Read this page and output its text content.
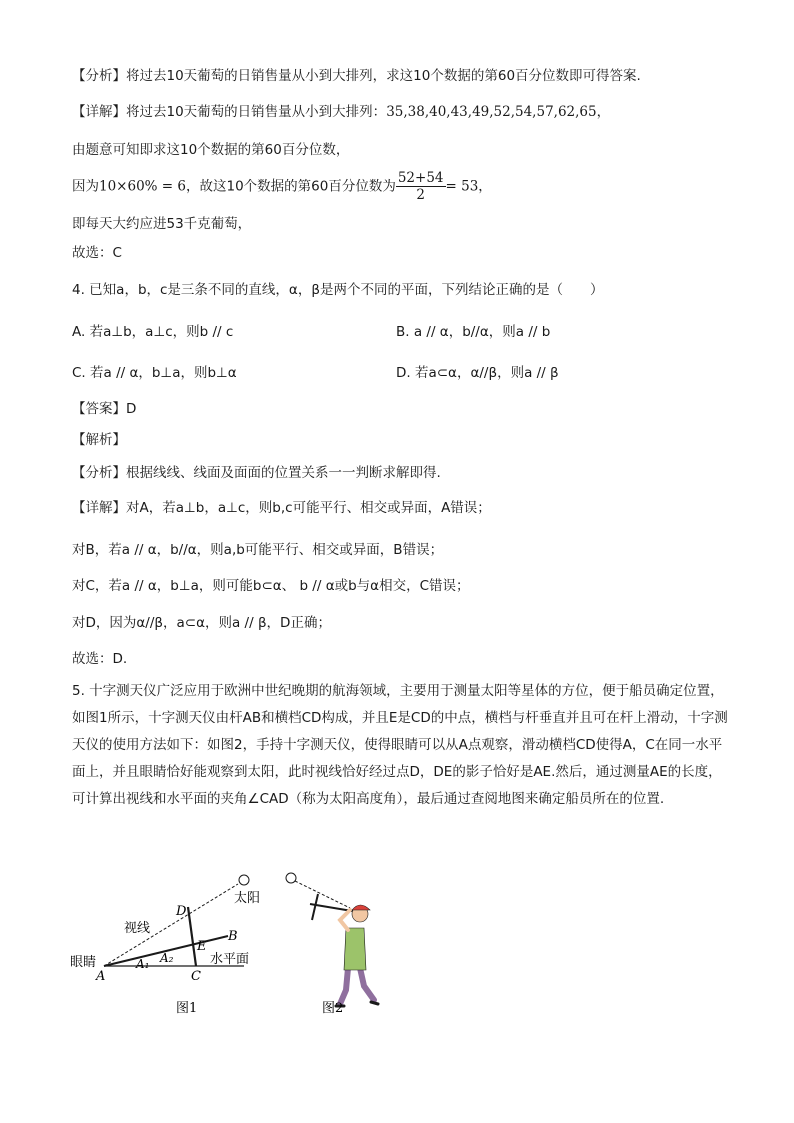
【分析】将过去10天葡萄的日销售量从小到大排列，求这10个数据的第60百分位数即可得答案.
【详解】将过去10天葡萄的日销售量从小到大排列：35,38,40,43,49,52,54,57,62,65，
由题意可知即求这10个数据的第60百分位数，
因为10×60% = 6，故这10个数据的第60百分位数为 $\frac{52+54}{2} = 53$，
即每天大约应进53千克葡萄，
故选：C
4. 已知a，b，c是三条不同的直线，α，β是两个不同的平面，下列结论正确的是（　　）
A. 若a⊥b，a⊥c，则b // c	B. a // α，b//α，则a // b
C. 若a // α，b⊥a，则b⊥α	D. 若a⊂α，α//β，则a // β
【答案】D
【解析】
【分析】根据线线、线面及面面的位置关系一一判断求解即得.
【详解】对A，若a⊥b，a⊥c，则b,c可能平行、相交或异面，A错误；
对B，若a // α，b//α，则a,b可能平行、相交或异面，B错误；
对C，若a // α，b⊥a，则可能b⊂α、 b // α或b与α相交，C错误；
对D，因为α//β，a⊂α，则a // β，D正确；
故选：D.
5. 十字测天仪广泛应用于欧洲中世纪晚期的航海领域，主要用于测量太阳等星体的方位，便于船员确定位置，如图1所示，十字测天仪由杆AB和横档CD构成，并且E是CD的中点，横档与杆垂直并且可在杆上滑动，十字测天仪的使用方法如下：如图2，手持十字测天仪，使得眼睛可以从A点观察，滑动横档CD使得A，C在同一水平面上，并且眼睛恰好能观察到太阳，此时视线恰好经过点D，DE的影子恰好是AE.然后，通过测量AE的长度，可计算出视线和水平面的夹角∠CAD（称为太阳高度角），最后通过查阅地图来确定船员所在的位置.
太阳
视线
眼睛	水平面
D
B
E
A₂
A₁
A	C
图1	图2
